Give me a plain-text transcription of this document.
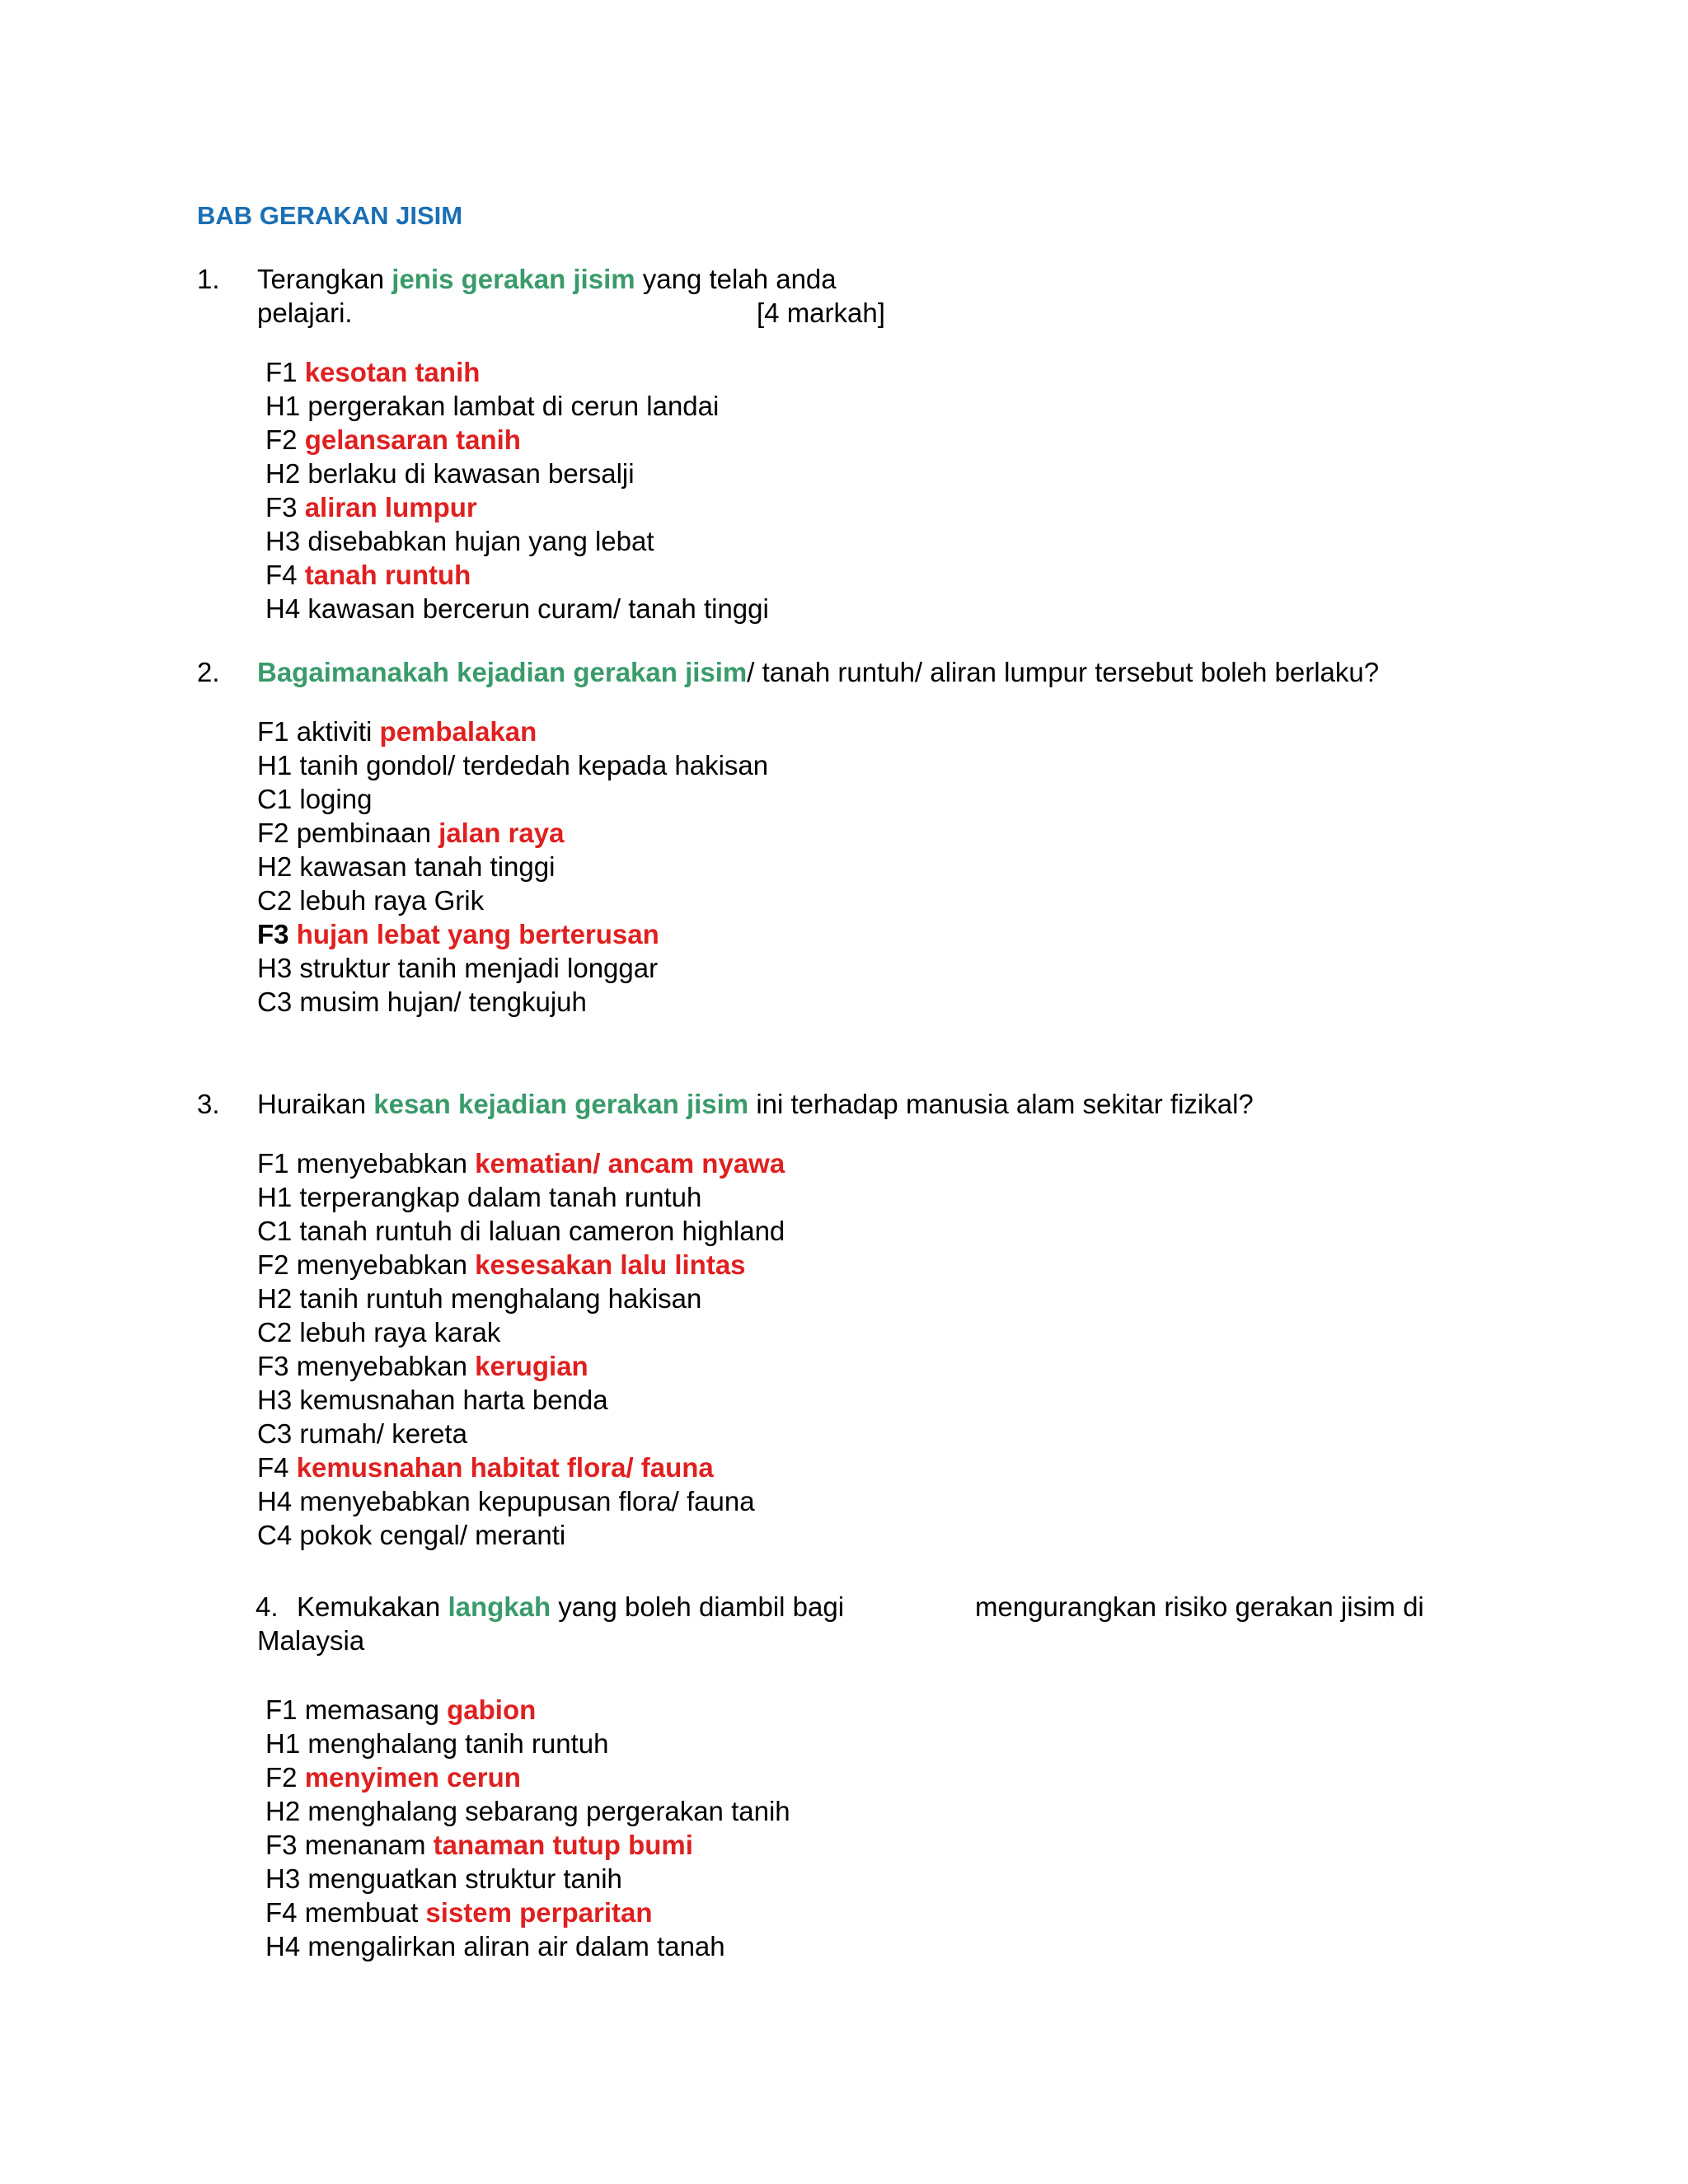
BAB GERAKAN JISIM
1. Terangkan jenis gerakan jisim yang telah anda
pelajari.	[4 markah]
F1 kesotan tanih
H1 pergerakan lambat di cerun landai
F2 gelansaran tanih
H2 berlaku di kawasan bersalji
F3 aliran lumpur
H3 disebabkan hujan yang lebat
F4 tanah runtuh
H4 kawasan bercerun curam/ tanah tinggi
2. Bagaimanakah kejadian gerakan jisim/ tanah runtuh/ aliran lumpur tersebut boleh berlaku?
F1 aktiviti pembalakan
H1 tanih gondol/ terdedah kepada hakisan
C1 loging
F2 pembinaan jalan raya
H2 kawasan tanah tinggi
C2 lebuh raya Grik
F3 hujan lebat yang berterusan
H3 struktur tanih menjadi longgar
C3 musim hujan/ tengkujuh
3. Huraikan kesan kejadian gerakan jisim ini terhadap manusia alam sekitar fizikal?
F1 menyebabkan kematian/ ancam nyawa
H1 terperangkap dalam tanah runtuh
C1 tanah runtuh di laluan cameron highland
F2 menyebabkan kesesakan lalu lintas
H2 tanih runtuh menghalang hakisan
C2 lebuh raya karak
F3 menyebabkan kerugian
H3 kemusnahan harta benda
C3 rumah/ kereta
F4 kemusnahan habitat flora/ fauna
H4 menyebabkan kepupusan flora/ fauna
C4 pokok cengal/ meranti
4. Kemukakan langkah yang boleh diambil bagi	mengurangkan risiko gerakan jisim di
Malaysia
F1 memasang gabion
H1 menghalang tanih runtuh
F2 menyimen cerun
H2 menghalang sebarang pergerakan tanih
F3 menanam tanaman tutup bumi
H3 menguatkan struktur tanih
F4 membuat sistem perparitan
H4 mengalirkan aliran air dalam tanah
